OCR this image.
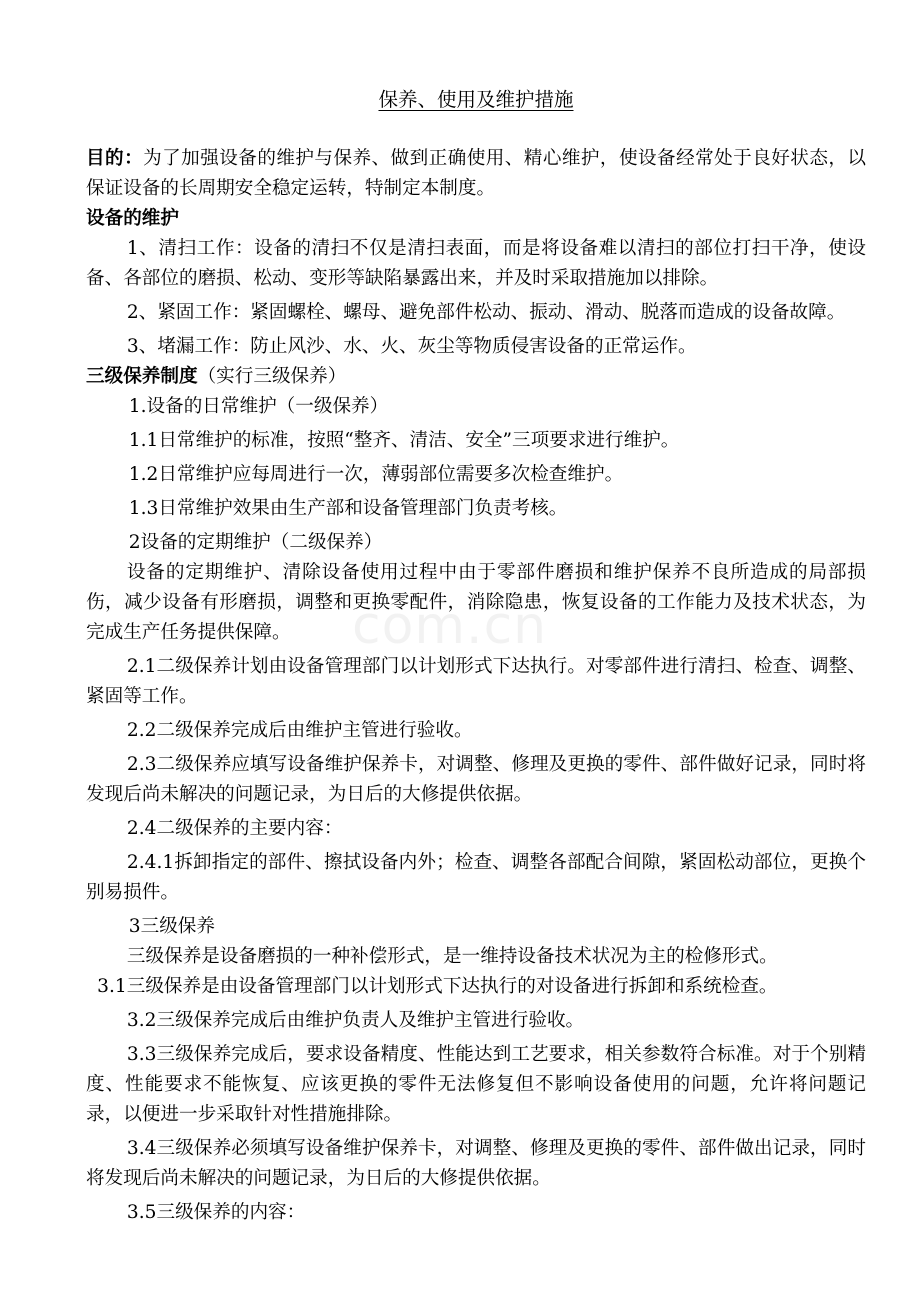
com.cn
保养、使用及维护措施

目的：为了加强设备的维护与保养、做到正确使用、精心维护，使设备经常处于良好状态，以保证设备的长周期安全稳定运转，特制定本制度。

设备的维护

1、清扫工作：设备的清扫不仅是清扫表面，而是将设备难以清扫的部位打扫干净，使设备、各部位的磨损、松动、变形等缺陷暴露出来，并及时采取措施加以排除。

2、紧固工作：紧固螺栓、螺母、避免部件松动、振动、滑动、脱落而造成的设备故障。

3、堵漏工作：防止风沙、水、火、灰尘等物质侵害设备的正常运作。

三级保养制度（实行三级保养）

1.设备的日常维护（一级保养）

1.1日常维护的标准，按照“整齐、清洁、安全”三项要求进行维护。

1.2日常维护应每周进行一次，薄弱部位需要多次检查维护。

1.3日常维护效果由生产部和设备管理部门负责考核。

2设备的定期维护（二级保养）

设备的定期维护、清除设备使用过程中由于零部件磨损和维护保养不良所造成的局部损伤，减少设备有形磨损，调整和更换零配件，消除隐患，恢复设备的工作能力及技术状态，为完成生产任务提供保障。

2.1二级保养计划由设备管理部门以计划形式下达执行。对零部件进行清扫、检查、调整、紧固等工作。

2.2二级保养完成后由维护主管进行验收。

2.3二级保养应填写设备维护保养卡，对调整、修理及更换的零件、部件做好记录，同时将发现后尚未解决的问题记录，为日后的大修提供依据。

2.4二级保养的主要内容：

2.4.1拆卸指定的部件、擦拭设备内外；检查、调整各部配合间隙，紧固松动部位，更换个别易损件。

3三级保养

三级保养是设备磨损的一种补偿形式，是一维持设备技术状况为主的检修形式。

3.1三级保养是由设备管理部门以计划形式下达执行的对设备进行拆卸和系统检查。

3.2三级保养完成后由维护负责人及维护主管进行验收。

3.3三级保养完成后，要求设备精度、性能达到工艺要求，相关参数符合标准。对于个别精度、性能要求不能恢复、应该更换的零件无法修复但不影响设备使用的问题，允许将问题记录，以便进一步采取针对性措施排除。

3.4三级保养必须填写设备维护保养卡，对调整、修理及更换的零件、部件做出记录，同时将发现后尚未解决的问题记录，为日后的大修提供依据。

3.5三级保养的内容：
